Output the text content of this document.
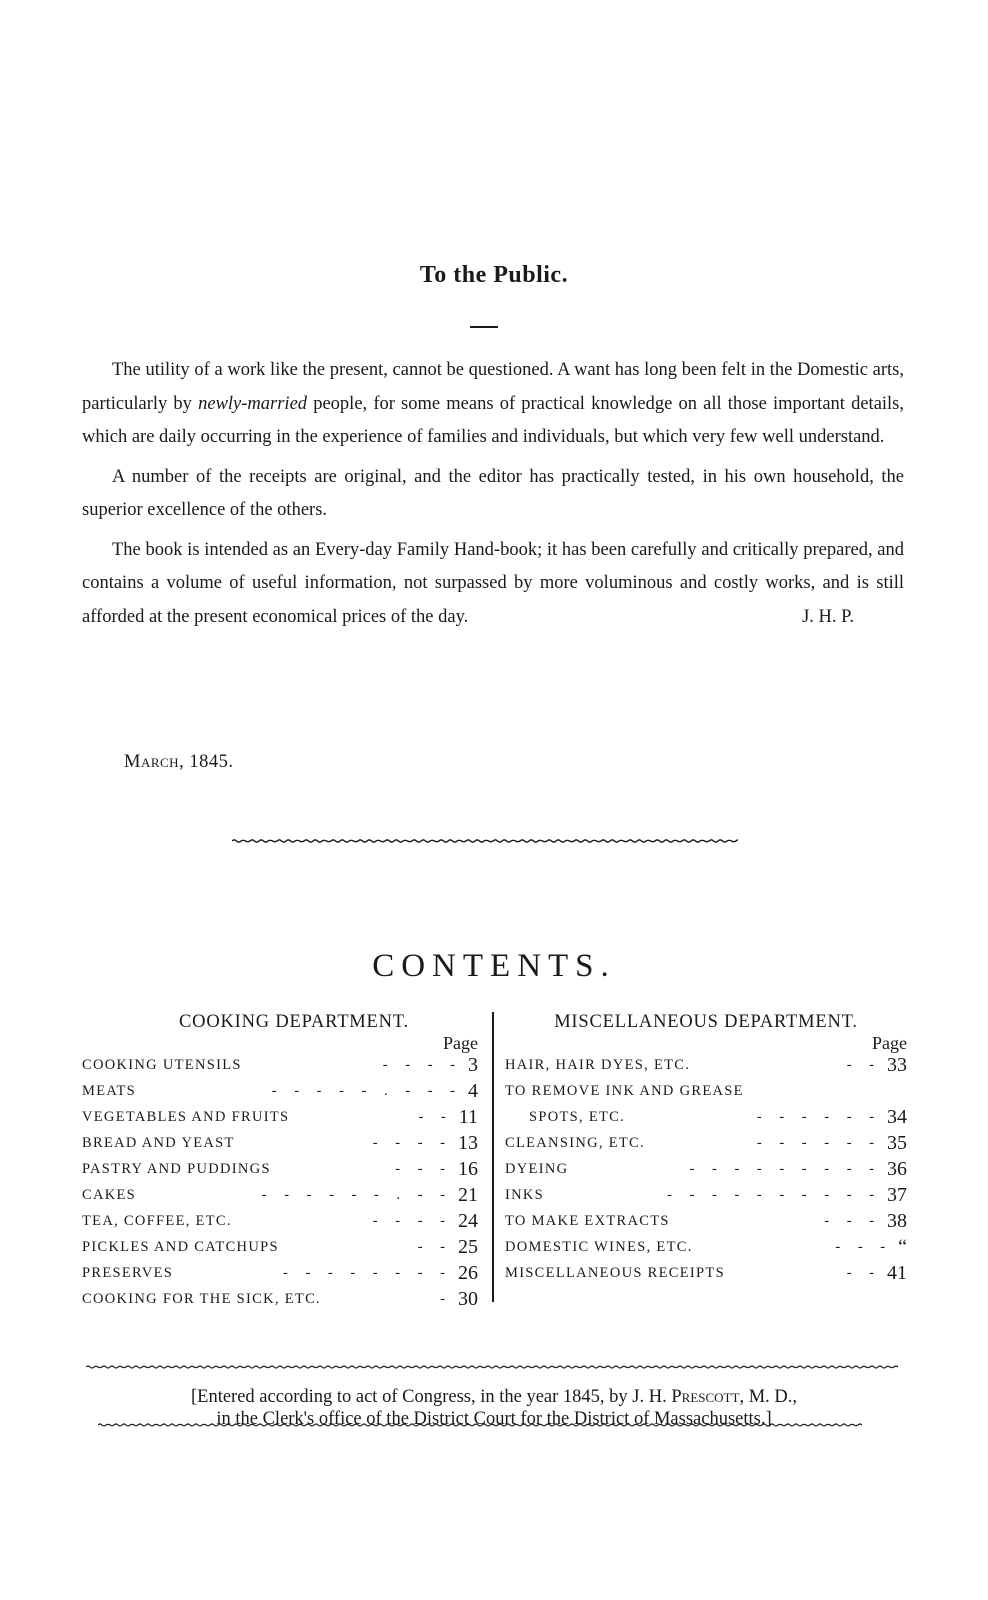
To the Public.

The utility of a work like the present, cannot be questioned. A want has long been felt in the Domestic arts, particularly by newly-married people, for some means of practical knowledge on all those important details, which are daily occurring in the experience of families and individuals, but which very few well understand.

A number of the receipts are original, and the editor has practically tested, in his own household, the superior excellence of the others.

The book is intended as an Every-day Family Hand-book; it has been carefully and critically prepared, and contains a volume of useful information, not surpassed by more voluminous and costly works, and is still afforded at the present economical prices of the day.	J. H. P.

March, 1845.
CONTENTS.
COOKING DEPARTMENT.
Page
COOKING UTENSILS	- - - - 3
MEATS	- - - - - . - - - 4
VEGETABLES AND FRUITS	- - 11
BREAD AND YEAST	- - - - 13
PASTRY AND PUDDINGS	- - - 16
CAKES	- - - - - - . - - 21
TEA, COFFEE, ETC.	- - - - 24
PICKLES AND CATCHUPS	- - 25
PRESERVES	- - - - - - - - 26
COOKING FOR THE SICK, ETC.	- 30
MISCELLANEOUS DEPARTMENT.
Page
HAIR, HAIR DYES, ETC.	- - 33
TO REMOVE INK AND GREASE
SPOTS, ETC.	- - - - - - 34
CLEANSING, ETC.	- - - - - - 35
DYEING	- - - - - - - - - 36
INKS	- - - - - - - - - - 37
TO MAKE EXTRACTS	- - - 38
DOMESTIC WINES, ETC.	- - - “
MISCELLANEOUS RECEIPTS	- - 41
[Entered according to act of Congress, in the year 1845, by J. H. Prescott, M. D.,
in the Clerk's office of the District Court for the District of Massachusetts.]
